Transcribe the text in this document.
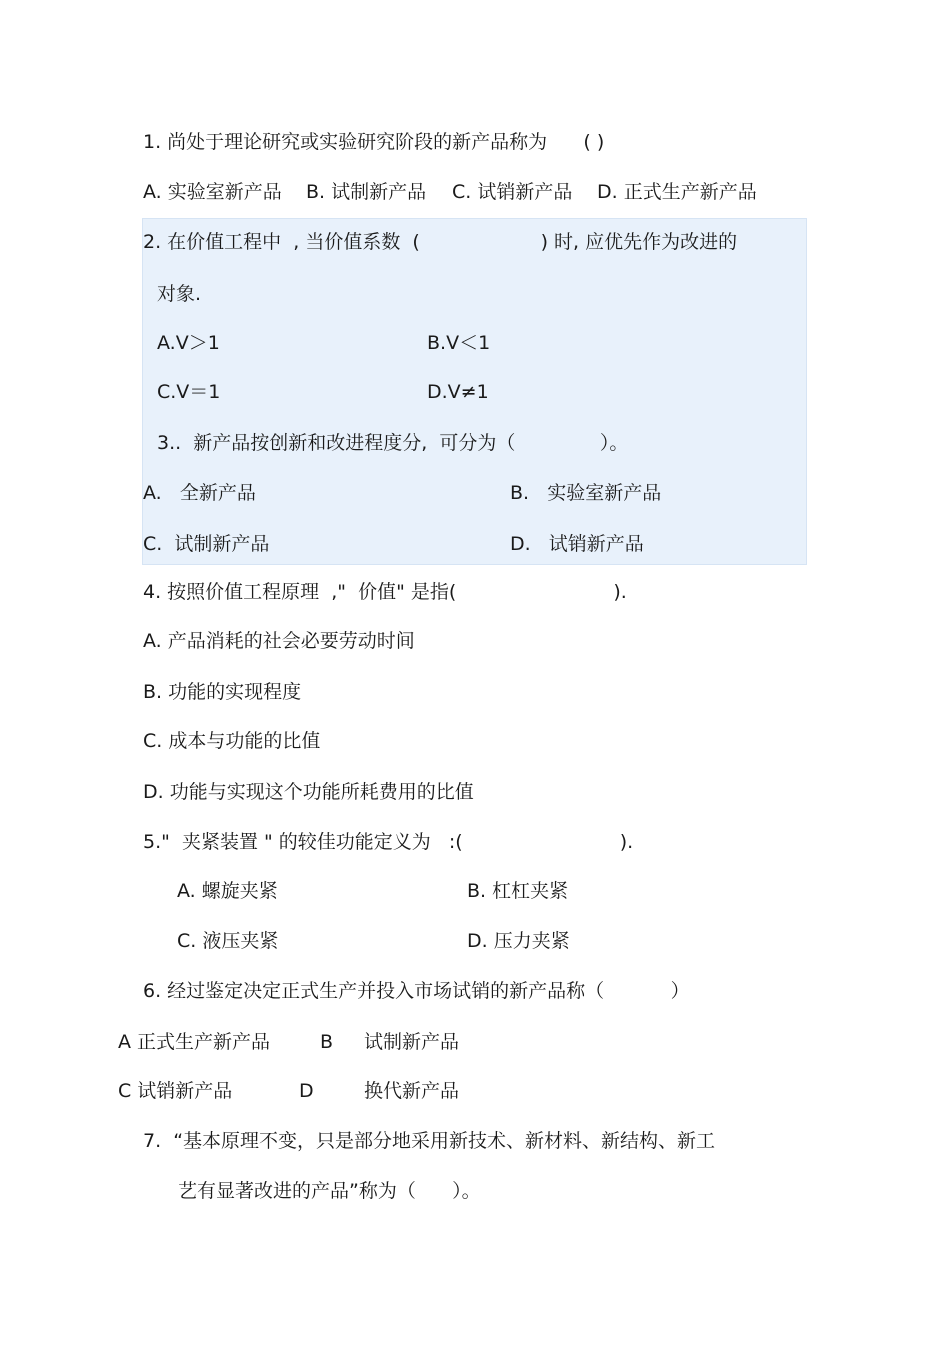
1. 尚处于理论研究或实验研究阶段的新产品称为      ( )
A. 实验室新产品 B. 试制新产品 C. 试销新产品 D. 正式生产新产品
2. 在价值工程中  , 当价值系数  (                    ) 时, 应优先作为改进的
对象.
A.V＞1	B.V＜1
C.V＝1	D.V≠1
3..  新产品按创新和改进程度分,  可分为（              ）。
A.   全新产品	B.   实验室新产品
C.  试制新产品	D.   试销新产品
4. 按照价值工程原理  ,"  价值" 是指(                          ).
A. 产品消耗的社会必要劳动时间
B. 功能的实现程度
C. 成本与功能的比值
D. 功能与实现这个功能所耗费用的比值
5."  夹紧装置 " 的较佳功能定义为   :(                          ).
A. 螺旋夹紧	B. 杠杠夹紧
C. 液压夹紧	D. 压力夹紧
6. 经过鉴定决定正式生产并投入市场试销的新产品称（           ）
A 正式生产新产品	B 试制新产品
C 试销新产品	D	换代新产品
7.  “基本原理不变，只是部分地采用新技术、新材料、新结构、新工
艺有显著改进的产品”称为（      ）。
